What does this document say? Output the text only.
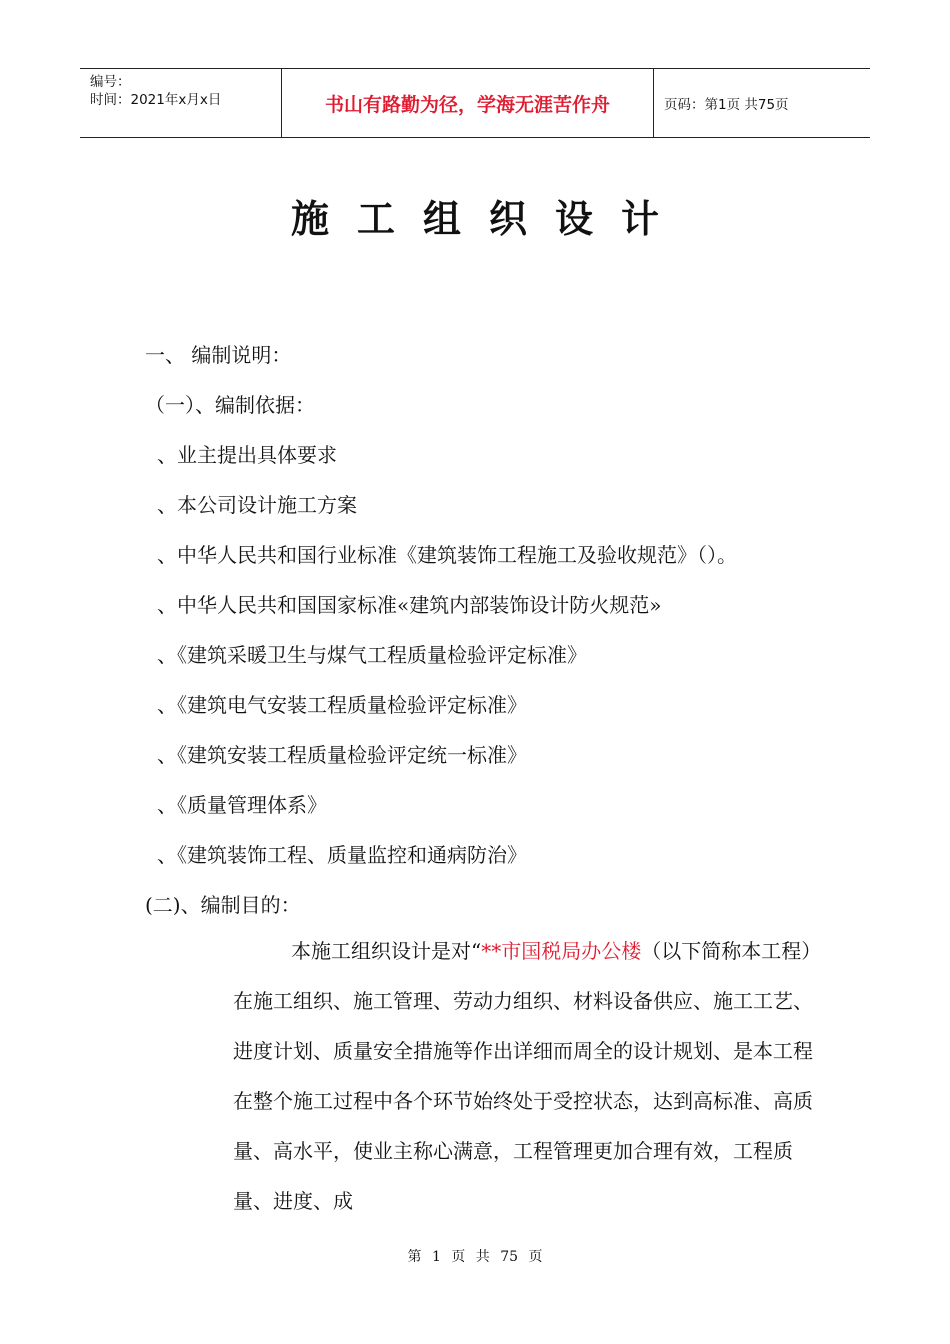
编号：
时间：2021年x月x日	书山有路勤为径，学海无涯苦作舟	页码：第1页 共75页
施工组织设计
一、 编制说明：
（一）、编制依据：
、业主提出具体要求
、本公司设计施工方案
、中华人民共和国行业标准《建筑装饰工程施工及验收规范》（）。
、中华人民共和国国家标准«建筑内部装饰设计防火规范»
、《建筑采暖卫生与煤气工程质量检验评定标准》
、《建筑电气安装工程质量检验评定标准》
、《建筑安装工程质量检验评定统一标准》
、《质量管理体系》
、《建筑装饰工程、质量监控和通病防治》
(二)、编制目的：
本施工组织设计是对“**市国税局办公楼（以下简称本工程）在施工组织、施工管理、劳动力组织、材料设备供应、施工工艺、进度计划、质量安全措施等作出详细而周全的设计规划、是本工程在整个施工过程中各个环节始终处于受控状态，达到高标准、高质量、高水平，使业主称心满意，工程管理更加合理有效，工程质量、进度、成
第 1 页 共 75 页
